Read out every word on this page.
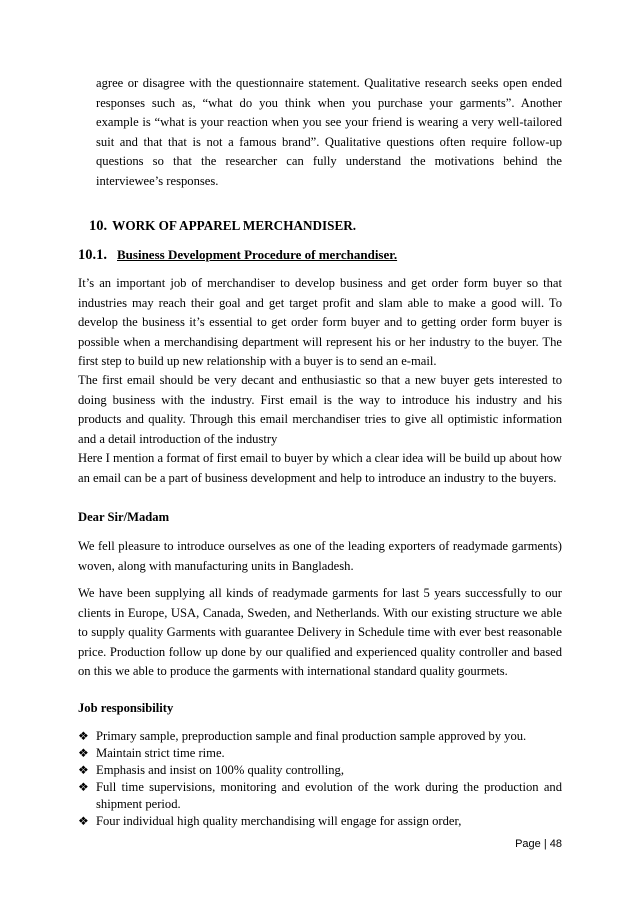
agree or disagree with the questionnaire statement. Qualitative research seeks open ended responses such as, “what do you think when you purchase your garments”. Another example is “what is your reaction when you see your friend is wearing a very well-tailored suit and that that is not a famous brand”. Qualitative questions often require follow-up questions so that the researcher can fully understand the motivations behind the interviewee’s responses.

10. WORK OF APPAREL MERCHANDISER.
10.1. Business Development Procedure of merchandiser.

It’s an important job of merchandiser to develop business and get order form buyer so that industries may reach their goal and get target profit and slam able to make a good will. To develop the business it’s essential to get order form buyer and to getting order form buyer is possible when a merchandising department will represent his or her industry to the buyer. The first step to build up new relationship with a buyer is to send an e-mail.

The first email should be very decant and enthusiastic so that a new buyer gets interested to doing business with the industry. First email is the way to introduce his industry and his products and quality. Through this email merchandiser tries to give all optimistic information and a detail introduction of the industry

Here I mention a format of first email to buyer by which a clear idea will be build up about how an email can be a part of business development and help to introduce an industry to the buyers.

Dear Sir/Madam

We fell pleasure to introduce ourselves as one of the leading exporters of readymade garments) woven, along with manufacturing units in Bangladesh.

We have been supplying all kinds of readymade garments for last 5 years successfully to our clients in Europe, USA, Canada, Sweden, and Netherlands. With our existing structure we able to supply quality Garments with guarantee Delivery in Schedule time with ever best reasonable price. Production follow up done by our qualified and experienced quality controller and based on this we able to produce the garments with international standard quality gourmets.

Job responsibility

❖ Primary sample, preproduction sample and final production sample approved by you.
❖ Maintain strict time rime.
❖ Emphasis and insist on 100% quality controlling,
❖ Full time supervisions, monitoring and evolution of the work during the production and shipment period.
❖ Four individual high quality merchandising will engage for assign order,
Page | 48
